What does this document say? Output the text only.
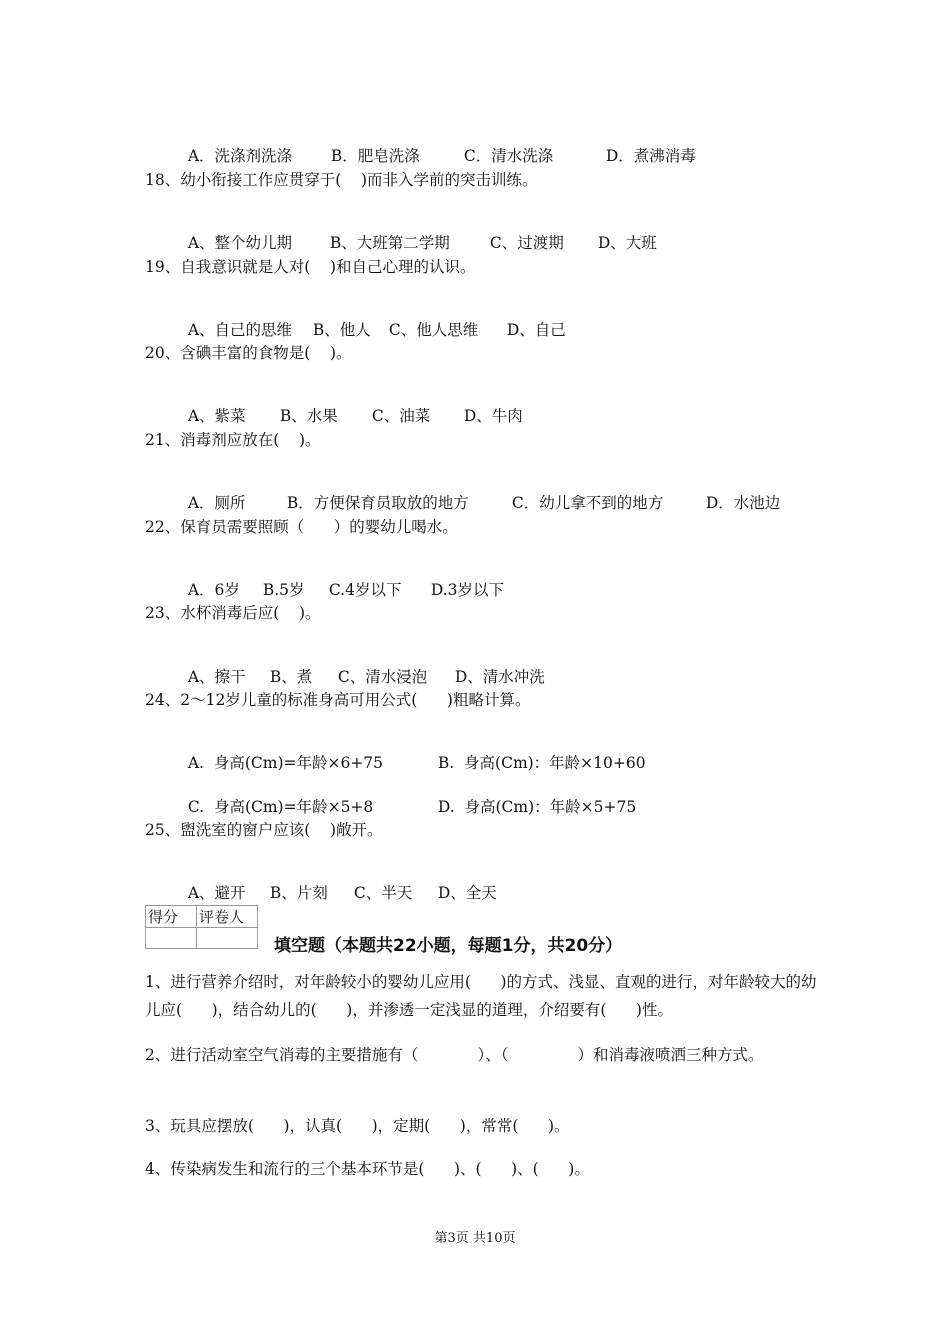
A．洗涤剂洗涤	B．肥皂洗涤	C．清水洗涤	D．煮沸消毒

18、幼小衔接工作应贯穿于(    )而非入学前的突击训练。

A、整个幼儿期 B、大班第二学期	C、过渡期 D、大班

19、自我意识就是人对(    )和自己心理的认识。

A、自己的思维 B、他人 C、他人思维 D、自己

20、含碘丰富的食物是(    )。

A、紫菜 B、水果 C、油菜 D、牛肉

21、消毒剂应放在(    )。

A．厕所	B．方便保育员取放的地方	C．幼儿拿不到的地方	D．水池边

22、保育员需要照顾（      ）的婴幼儿喝水。

A．6岁 B.5岁 C.4岁以下 D.3岁以下

23、水杯消毒后应(    )。

A、擦干 B、煮 C、清水浸泡 D、清水冲洗

24、2～12岁儿童的标准身高可用公式(      )粗略计算。

A.  身高(Cm)=年龄×6+75	B.  身高(Cm)：年龄×10+60

C.  身高(Cm)=年龄×5+8	D.  身高(Cm)：年龄×5+75

25、盥洗室的窗户应该(    )敞开。

A、避开 B、片刻 C、半天 D、全天

得分	评卷人

填空题（本题共22小题，每题1分，共20分）
1、进行营养介绍时，对年龄较小的婴幼儿应用(      )的方式、浅显、直观的进行，对年龄较大的幼儿应(      )，结合幼儿的(      )，并渗透一定浅显的道理，介绍要有(      )性。
2、进行活动室空气消毒的主要措施有（            ）、（              ）和消毒液喷洒三种方式。
3、玩具应摆放(      )，认真(      )，定期(      )，常常(      )。
4、传染病发生和流行的三个基本环节是(      )、(      )、(      )。
第3页 共10页
